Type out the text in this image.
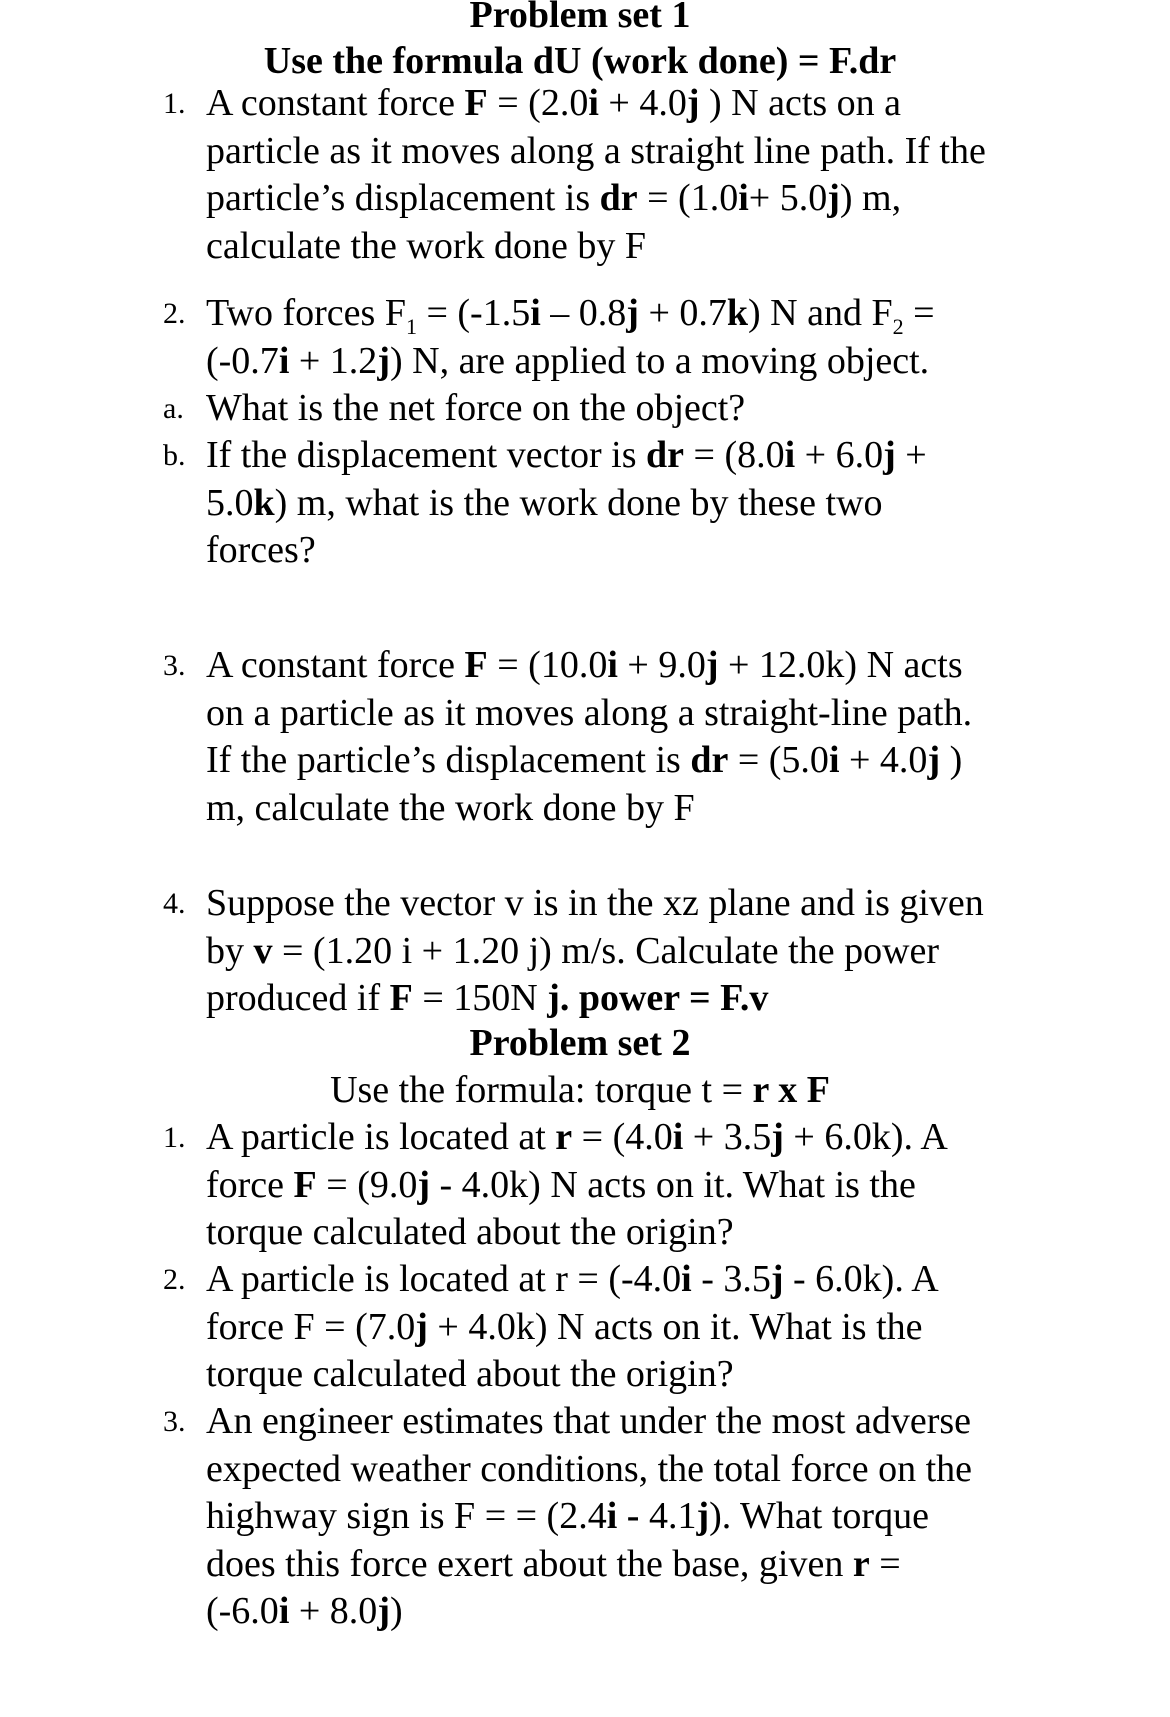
Problem set 1
Use the formula dU (work done) = F.dr
1. A constant force F = (2.0i + 4.0j ) N acts on a
particle as it moves along a straight line path. If the
particle’s displacement is dr = (1.0i+ 5.0j) m,
calculate the work done by F
2. Two forces $F_1 = (-1.5i - 0.8j + 0.7k)$ N and $F_2$ =
(-0.7i + 1.2j) N, are applied to a moving object.
a. What is the net force on the object?
b. If the displacement vector is dr = (8.0i + 6.0j +
5.0k) m, what is the work done by these two
forces?
3. A constant force F = (10.0i + 9.0j + 12.0k) N acts
on a particle as it moves along a straight-line path.
If the particle’s displacement is dr = (5.0i + 4.0j )
m, calculate the work done by F
4. Suppose the vector v is in the xz plane and is given
by v = (1.20 i + 1.20 j) m/s. Calculate the power
produced if F = 150N j. power = F.v
Problem set 2
Use the formula: torque t = r x F
1. A particle is located at r = (4.0i + 3.5j + 6.0k). A
force F = (9.0j - 4.0k) N acts on it. What is the
torque calculated about the origin?
2. A particle is located at r = (-4.0i - 3.5j - 6.0k). A
force F = (7.0j + 4.0k) N acts on it. What is the
torque calculated about the origin?
3. An engineer estimates that under the most adverse
expected weather conditions, the total force on the
highway sign is F = = (2.4i - 4.1j). What torque
does this force exert about the base, given r =
(-6.0i + 8.0j)
